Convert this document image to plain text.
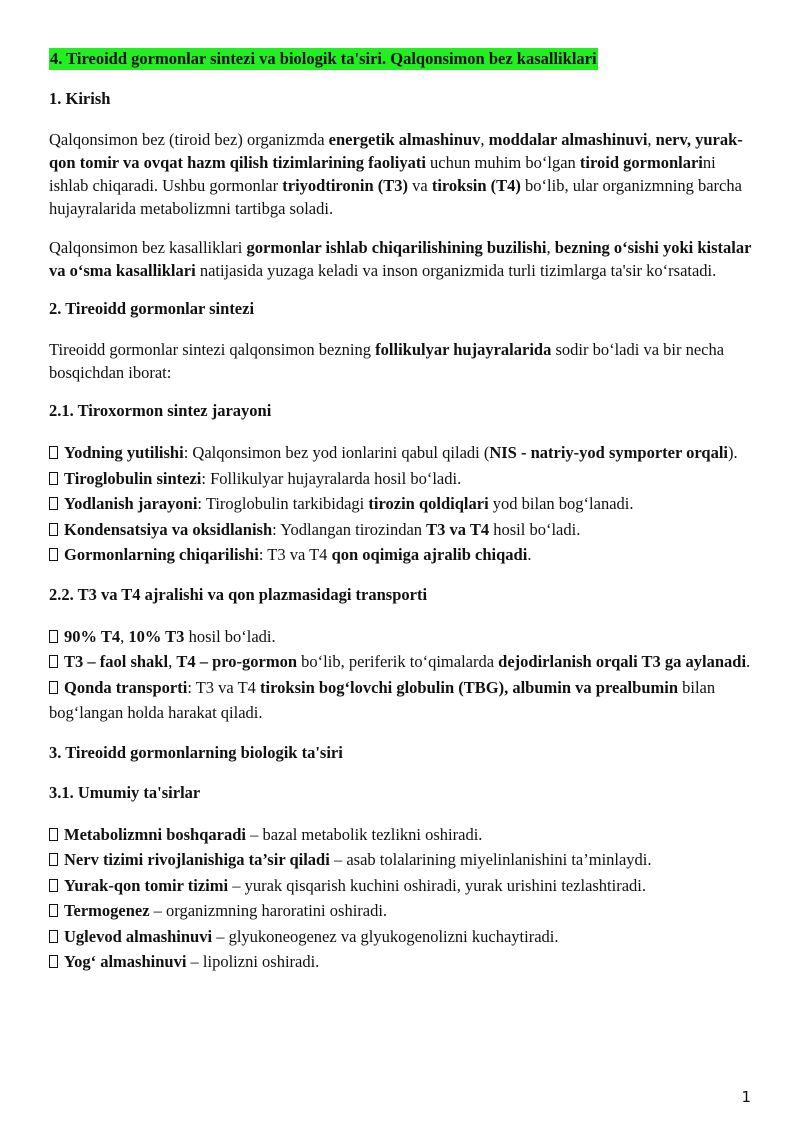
4. Tireoidd gormonlar sintezi va biologik ta'siri. Qalqonsimon bez kasalliklari
1. Kirish

Qalqonsimon bez (tiroid bez) organizmda energetik almashinuv, moddalar almashinuvi, nerv, yurak-qon tomir va ovqat hazm qilish tizimlarining faoliyati uchun muhim bo‘lgan tiroid gormonlarini ishlab chiqaradi. Ushbu gormonlar triyodtironin (T3) va tiroksin (T4) bo‘lib, ular organizmning barcha hujayralarida metabolizmni tartibga soladi.

Qalqonsimon bez kasalliklari gormonlar ishlab chiqarilishining buzilishi, bezning o‘sishi yoki kistalar va o‘sma kasalliklari natijasida yuzaga keladi va inson organizmida turli tizimlarga ta'sir ko‘rsatadi.

2. Tireoidd gormonlar sintezi

Tireoidd gormonlar sintezi qalqonsimon bezning follikulyar hujayralarida sodir bo‘ladi va bir necha bosqichdan iborat:

2.1. Tiroxormon sintez jarayoni
Yodning yutilishi: Qalqonsimon bez yod ionlarini qabul qiladi (NIS - natriy-yod symporter orqali).
Tiroglobulin sintezi: Follikulyar hujayralarda hosil bo‘ladi.
Yodlanish jarayoni: Tiroglobulin tarkibidagi tirozin qoldiqlari yod bilan bog‘lanadi.
Kondensatsiya va oksidlanish: Yodlangan tirozindan T3 va T4 hosil bo‘ladi.
Gormonlarning chiqarilishi: T3 va T4 qon oqimiga ajralib chiqadi.
2.2. T3 va T4 ajralishi va qon plazmasidagi transporti
90% T4, 10% T3 hosil bo‘ladi.
T3 – faol shakl, T4 – pro-gormon bo‘lib, periferik to‘qimalarda dejodirlanish orqali T3 ga aylanadi.
Qonda transporti: T3 va T4 tiroksin bog‘lovchi globulin (TBG), albumin va prealbumin bilan bog‘langan holda harakat qiladi.
3. Tireoidd gormonlarning biologik ta'siri
3.1. Umumiy ta'sirlar
Metabolizmni boshqaradi – bazal metabolik tezlikni oshiradi.
Nerv tizimi rivojlanishiga ta’sir qiladi – asab tolalarining miyelinlanishini ta’minlaydi.
Yurak-qon tomir tizimi – yurak qisqarish kuchini oshiradi, yurak urishini tezlashtiradi.
Termogenez – organizmning haroratini oshiradi.
Uglevod almashinuvi – glyukoneogenez va glyukogenolizni kuchaytiradi.
Yog‘ almashinuvi – lipolizni oshiradi.
1
